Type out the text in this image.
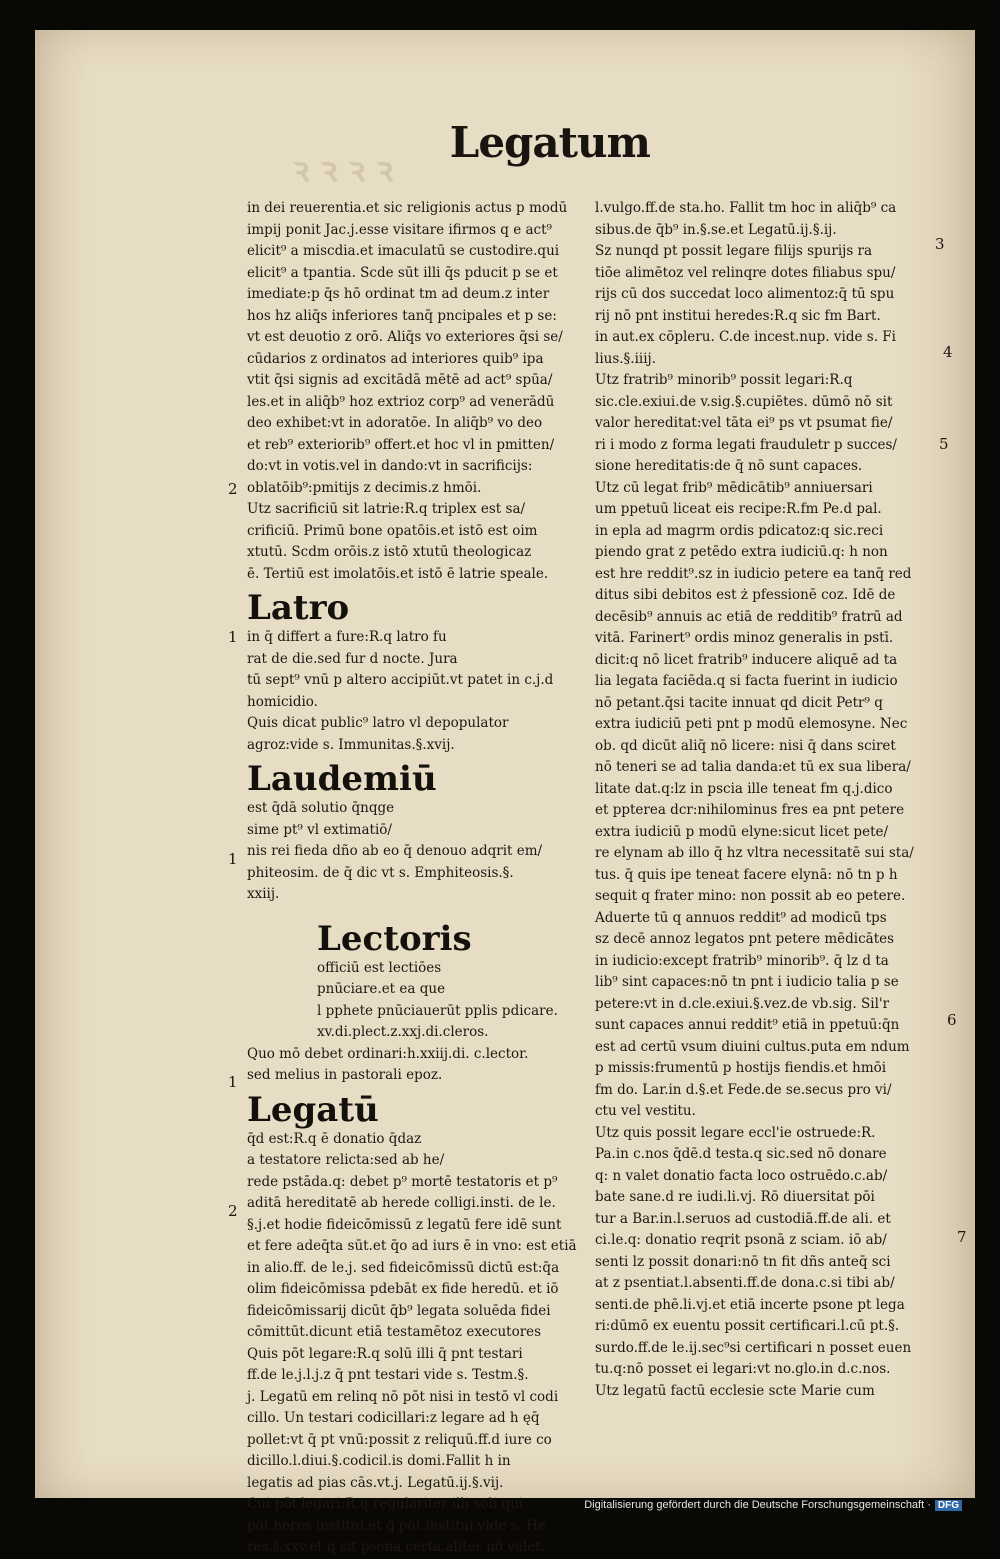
ꝛ ꝛ ꝛ ꝛ
Legatum

in dei reuerentia.et sic religionis actus p modū

impij ponit Jac.j.esse visitare ifirmos q e act⁹

elicit⁹ a miscdia.et imaculatū se custodire.qui

elicit⁹ a tpantia. Scde sūt illi q̄s pducit p se et

imediate:p q̄s hō ordinat tm ad deum.z inter

hos hz aliq̄s inferiores tanq̄ pncipales et p se:

vt est deuotio z orō. Aliq̄s vo exteriores q̄si se/

cūdarios z ordinatos ad interiores quib⁹ ipa

vtit q̄si signis ad excitādā mētē ad act⁹ spūa/

les.et in aliq̄b⁹ hoz extrioz corp⁹ ad venerādū

deo exhibet:vt in adoratōe. In aliq̄b⁹ vo deo

et reb⁹ exteriorib⁹ offert.et hoc vl in pmitten/

do:vt in votis.vel in dando:vt in sacrificijs:

oblatōib⁹:pmitijs z decimis.z hmōi.

Utz sacrificiū sit latrie:R.q triplex est sa/

crificiū. Primū bone opatōis.et istō est oim

xtutū. Scdm orōis.z istō xtutū theologicaz

ē. Tertiū est imolatōis.et istō ē latrie speale.

Latro
in q̄ differt a fure:R.q latro fu
rat de die.sed fur d nocte. Jura
tū sept⁹ vnū p altero accipiūt.vt patet in c.j.d
homicidio.

Quis dicat public⁹ latro vl depopulator

agroz:vide s. Immunitas.§.xvij.

Laudemiū
est q̄dā solutio q̄nqge
sime pt⁹ vl extimatiō/
nis rei fieda dño ab eo q̄ denouo adqrit em/
phiteosim. de q̄ dic vt s. Emphiteosis.§.
xxiij.
Lectoris
officiū est lectiōes
pnūciare.et ea que
l pphete pnūciauerūt pplis pdicare.
xv.di.plect.z.xxj.di.cleros.

Quo mō debet ordinari:h.xxiij.di. c.lector.

sed melius in pastorali epoz.

Legatū
q̄d est:R.q ē donatio q̄daz
a testatore relicta:sed ab he/
rede pstāda.q: debet p⁹ mortē testatoris et p⁹
aditā hereditatē ab herede colligi.insti. de le.
§.j.et hodie fideicōmissū z legatū fere idē sunt
et fere adeq̄ta sūt.et q̄o ad iurs ē in vno: est etiā
in alio.ff. de le.j. sed fideicōmissū dictū est:q̄a
olim fideicōmissa pdebāt ex fide heredū. et iō
fideicōmissarij dicūt q̄b⁹ legata soluēda fidei
cōmittūt.dicunt etiā testamētoz executores

Quis pōt legare:R.q solū illi q̄ pnt testari

ff.de le.j.l.j.z q̄ pnt testari vide s. Testm.§.

j. Legatū em relinq nō pōt nisi in testō vl codi

cillo. Un testari codicillari:z legare ad h ęq̄

pollet:vt q̄ pt vnū:possit z reliquū.ff.d iure co

dicillo.l.diui.§.codicil.is domi.Fallit h in

legatis ad pias cās.vt.j. Legatū.ij.§.vij.

Cui pōt legari:R.q regulariter illi soli qui

pōt heres institui.et q̄ pōt institui.vide s. He

res.§.xxv.et q sit psona certa.aliter nō valet.

l.vulgo.ff.de sta.ho. Fallit tm hoc in aliq̄b⁹ ca

sibus.de q̄b⁹ in.§.se.et Legatū.ij.§.ij.

Sz nunqd pt possit legare filijs spurijs ra

tiōe alimētoz vel relinqre dotes filiabus spu/

rijs cū dos succedat loco alimentoz:q̄ tū spu

rij nō pnt institui heredes:R.q sic fm Bart.

in aut.ex cōpleru. C.de incest.nup. vide s. Fi

lius.§.iiij.

Utz fratrib⁹ minorib⁹ possit legari:R.q

sic.cle.exiui.de v.sig.§.cupiētes. dūmō nō sit

valor hereditat:vel tāta ei⁹ ps vt psumat fie/

ri i modo z forma legati frauduletr p succes/

sione hereditatis:de q̄ nō sunt capaces.

Utz cū legat frib⁹ mēdicātib⁹ anniuersari

um ppetuū liceat eis recipe:R.fm Pe.d pal.

in epla ad magrm ordis pdicatoz:q sic.reci

piendo grat z petēdo extra iudiciū.q: h non

est hre reddit⁹.sz in iudicio petere ea tanq̄ red

ditus sibi debitos est ż pfessionē coz. Idē de

decēsib⁹ annuis ac etiā de redditib⁹ fratrū ad

vitā. Farinert⁹ ordis minoz generalis in pstī.

dicit:q nō licet fratrib⁹ inducere aliquē ad ta

lia legata faciēda.q si facta fuerint in iudicio

nō petant.q̄si tacite innuat qd dicit Petr⁹ q

extra iudiciū peti pnt p modū elemosyne. Nec

ob. qd dicūt aliq̄ nō licere: nisi q̄ dans sciret

nō teneri se ad talia danda:et tū ex sua libera/

litate dat.q:lz in pscia ille teneat fm q.j.dico

et ppterea dcr:nihilominus fres ea pnt petere

extra iudiciū p modū elyne:sicut licet pete/

re elynam ab illo q̄ hz vltra necessitatē sui sta/

tus. q̄ quis ipe teneat facere elynā: nō tn p h

sequit q frater mino: non possit ab eo petere.

Aduerte tū q annuos reddit⁹ ad modicū tps

sz decē annoz legatos pnt petere mēdicātes

in iudicio:except fratrib⁹ minorib⁹. q̄ lz d ta

lib⁹ sint capaces:nō tn pnt i iudicio talia p se

petere:vt in d.cle.exiui.§.vez.de vb.sig. Sil'r

sunt capaces annui reddit⁹ etiā in ppetuū:q̄n

est ad certū vsum diuini cultus.puta em ndum

p missis:frumentū p hostijs fiendis.et hmōi

fm do. Lar.in d.§.et Fede.de se.secus pro vi/

ctu vel vestitu.

Utz quis possit legare eccl'ie ostruede:R.

Pa.in c.nos q̄dē.d testa.q sic.sed nō donare

q: n valet donatio facta loco ostruēdo.c.ab/

bate sane.d re iudi.li.vj. Rō diuersitat pōi

tur a Bar.in.l.seruos ad custodiā.ff.de ali. et

ci.le.q: donatio reqrit psonā z sciam. iō ab/

senti lz possit donari:nō tn fit dñs anteq̄ sci

at z psentiat.l.absenti.ff.de dona.c.si tibi ab/

senti.de phē.li.vj.et etiā incerte psone pt lega

ri:dūmō ex euentu possit certificari.l.cū pt.§.

surdo.ff.de le.ij.sec⁹si certificari n posset euen

tu.q:nō posset ei legari:vt no.glo.in d.c.nos.

Utz legatū factū ecclesie scte Marie cum

2
1
1
1
2
3
4
5
6
7
Digitalisierung gefördert durch die Deutsche Forschungsgemeinschaft · DFG
